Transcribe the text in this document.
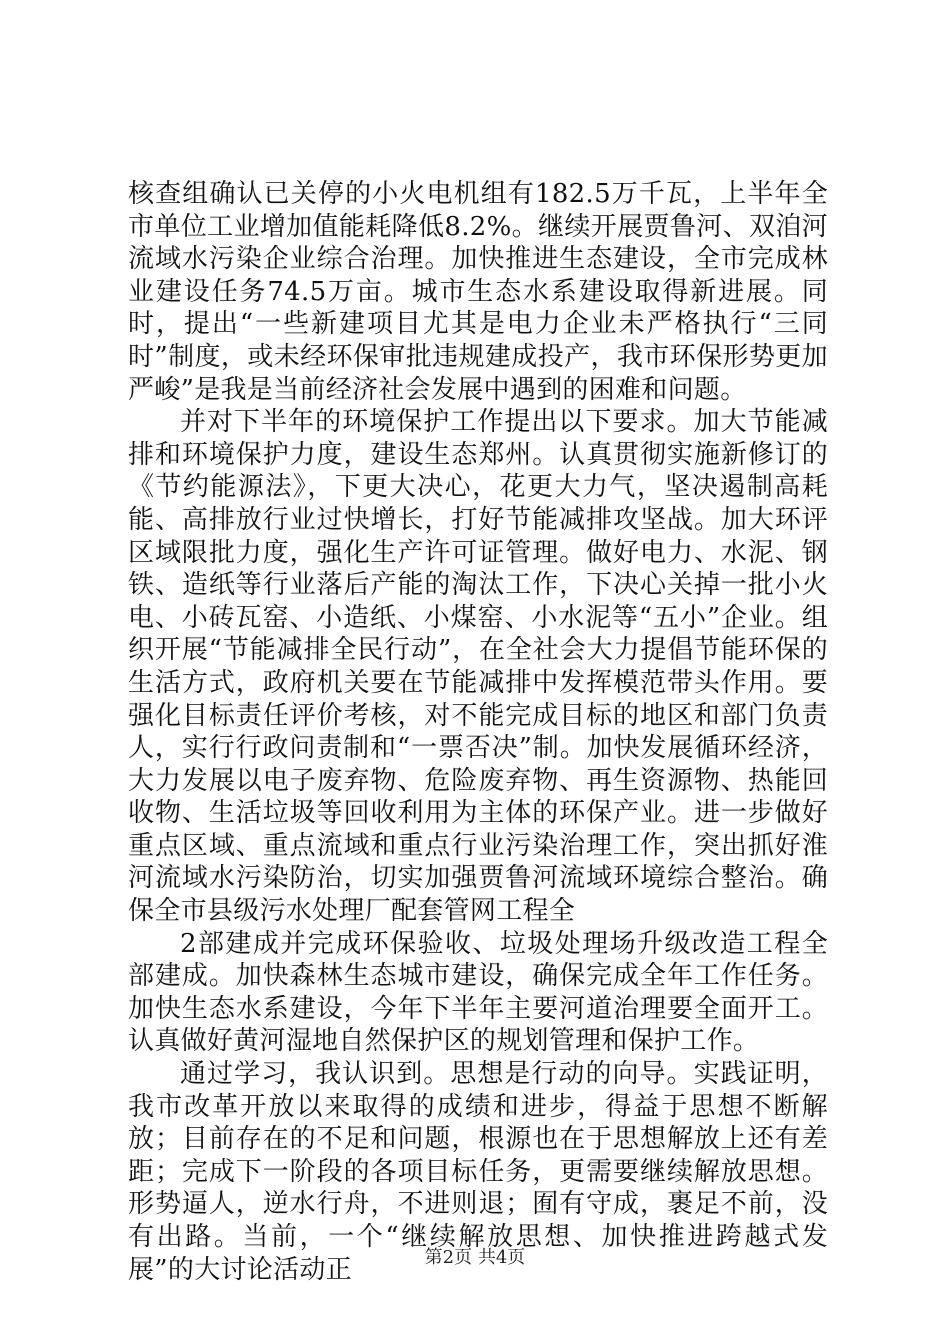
核查组确认已关停的小火电机组有182.5万千瓦，上半年全市单位工业增加值能耗降低8.2%。继续开展贾鲁河、双洎河流域水污染企业综合治理。加快推进生态建设，全市完成林业建设任务74.5万亩。城市生态水系建设取得新进展。同时，提出“一些新建项目尤其是电力企业未严格执行“三同时”制度，或未经环保审批违规建成投产，我市环保形势更加严峻”是我是当前经济社会发展中遇到的困难和问题。

并对下半年的环境保护工作提出以下要求。加大节能减排和环境保护力度，建设生态郑州。认真贯彻实施新修订的《节约能源法》，下更大决心，花更大力气，坚决遏制高耗能、高排放行业过快增长，打好节能减排攻坚战。加大环评区域限批力度，强化生产许可证管理。做好电力、水泥、钢铁、造纸等行业落后产能的淘汰工作，下决心关掉一批小火电、小砖瓦窑、小造纸、小煤窑、小水泥等“五小”企业。组织开展“节能减排全民行动”，在全社会大力提倡节能环保的生活方式，政府机关要在节能减排中发挥模范带头作用。要强化目标责任评价考核，对不能完成目标的地区和部门负责人，实行行政问责制和“一票否决”制。加快发展循环经济，大力发展以电子废弃物、危险废弃物、再生资源物、热能回收物、生活垃圾等回收利用为主体的环保产业。进一步做好重点区域、重点流域和重点行业污染治理工作，突出抓好淮河流域水污染防治，切实加强贾鲁河流域环境综合整治。确保全市县级污水处理厂配套管网工程全

2部建成并完成环保验收、垃圾处理场升级改造工程全部建成。加快森林生态城市建设，确保完成全年工作任务。加快生态水系建设，今年下半年主要河道治理要全面开工。认真做好黄河湿地自然保护区的规划管理和保护工作。

通过学习，我认识到。思想是行动的向导。实践证明，我市改革开放以来取得的成绩和进步，得益于思想不断解放；目前存在的不足和问题，根源也在于思想解放上还有差距；完成下一阶段的各项目标任务，更需要继续解放思想。形势逼人，逆水行舟，不进则退；囿有守成，裹足不前，没有出路。当前，一个“继续解放思想、加快推进跨越式发展”的大讨论活动正	第2页 共4页
